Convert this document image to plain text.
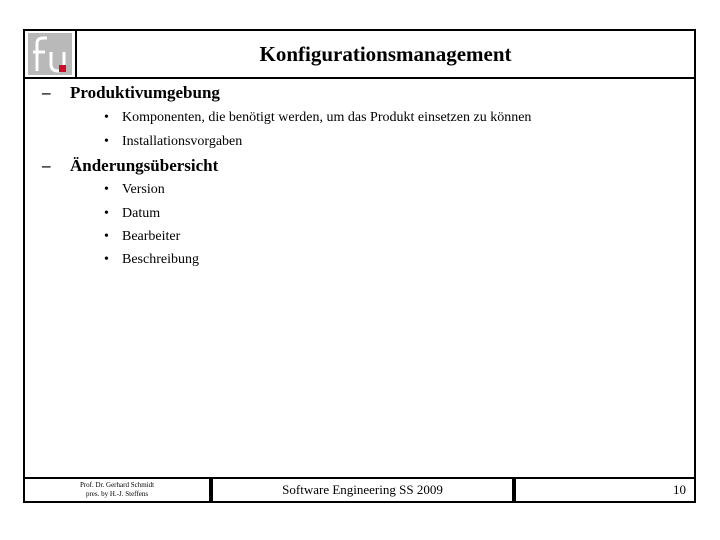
Konfigurationsmanagement
– Produktivumgebung
• Komponenten, die benötigt werden, um das Produkt einsetzen zu können
• Installationsvorgaben
– Änderungsübersicht
• Version
• Datum
• Bearbeiter
• Beschreibung
Prof. Dr. Gerhard Schmidt
pres. by H.-J. Steffens	Software Engineering SS 2009	10
